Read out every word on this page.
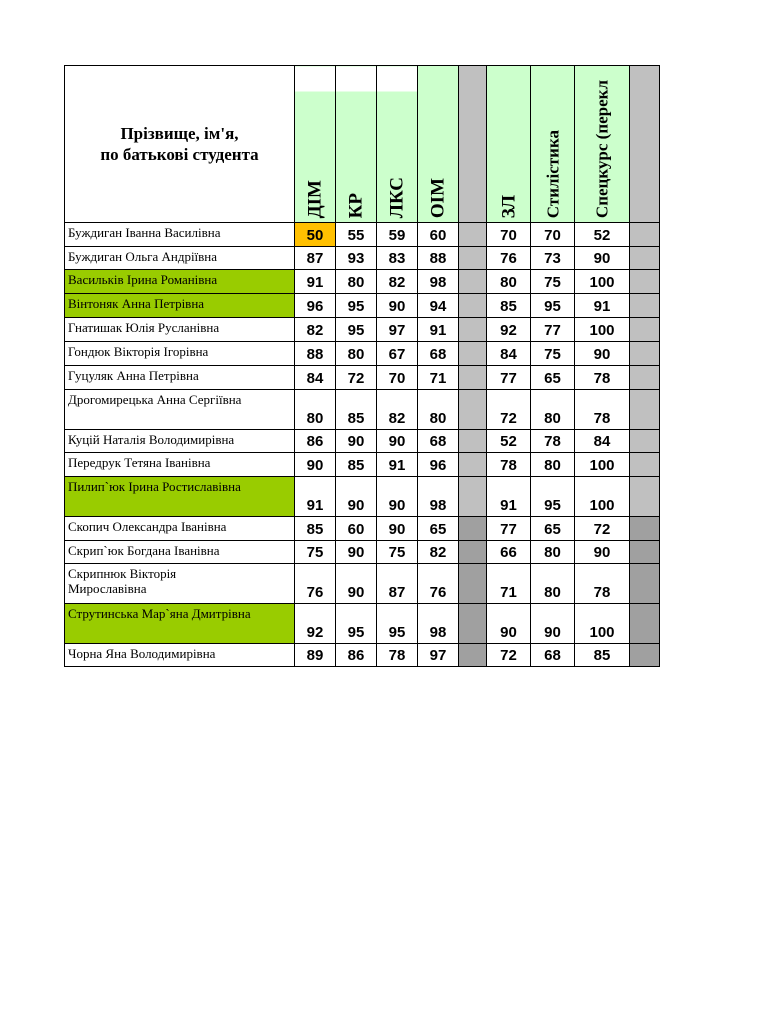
Прізвище, ім'я,
по батькові студента	ДІМ	КР	ЛКС	ОІМ		ЗЛ	Стилістика	Спецкурс (перекл	

Буждиган Іванна Василівна	50	55	59	60		70	70	52	
Буждиган Ольга Андріївна	87	93	83	88		76	73	90	
Васильків Ірина Романівна	91	80	82	98		80	75	100	
Вінтоняк Анна Петрівна	96	95	90	94		85	95	91	
Гнатишак Юлія Русланівна	82	95	97	91		92	77	100	
Гондюк Вікторія Ігорівна	88	80	67	68		84	75	90	
Гуцуляк Анна Петрівна	84	72	70	71		77	65	78	
Дрогомирецька Анна Сергіївна	80	85	82	80		72	80	78	
Куцій Наталія Володимирівна	86	90	90	68		52	78	84	
Передрук Тетяна Іванівна	90	85	91	96		78	80	100	
Пилип`юк Ірина Ростиславівна	91	90	90	98		91	95	100	
Скопич Олександра Іванівна	85	60	90	65		77	65	72	
Скрип`юк Богдана Іванівна	75	90	75	82		66	80	90	
Скрипнюк Вікторія
Мирославівна	76	90	87	76		71	80	78	
Струтинська Мар`яна Дмитрівна	92	95	95	98		90	90	100	
Чорна Яна Володимирівна	89	86	78	97		72	68	85	
